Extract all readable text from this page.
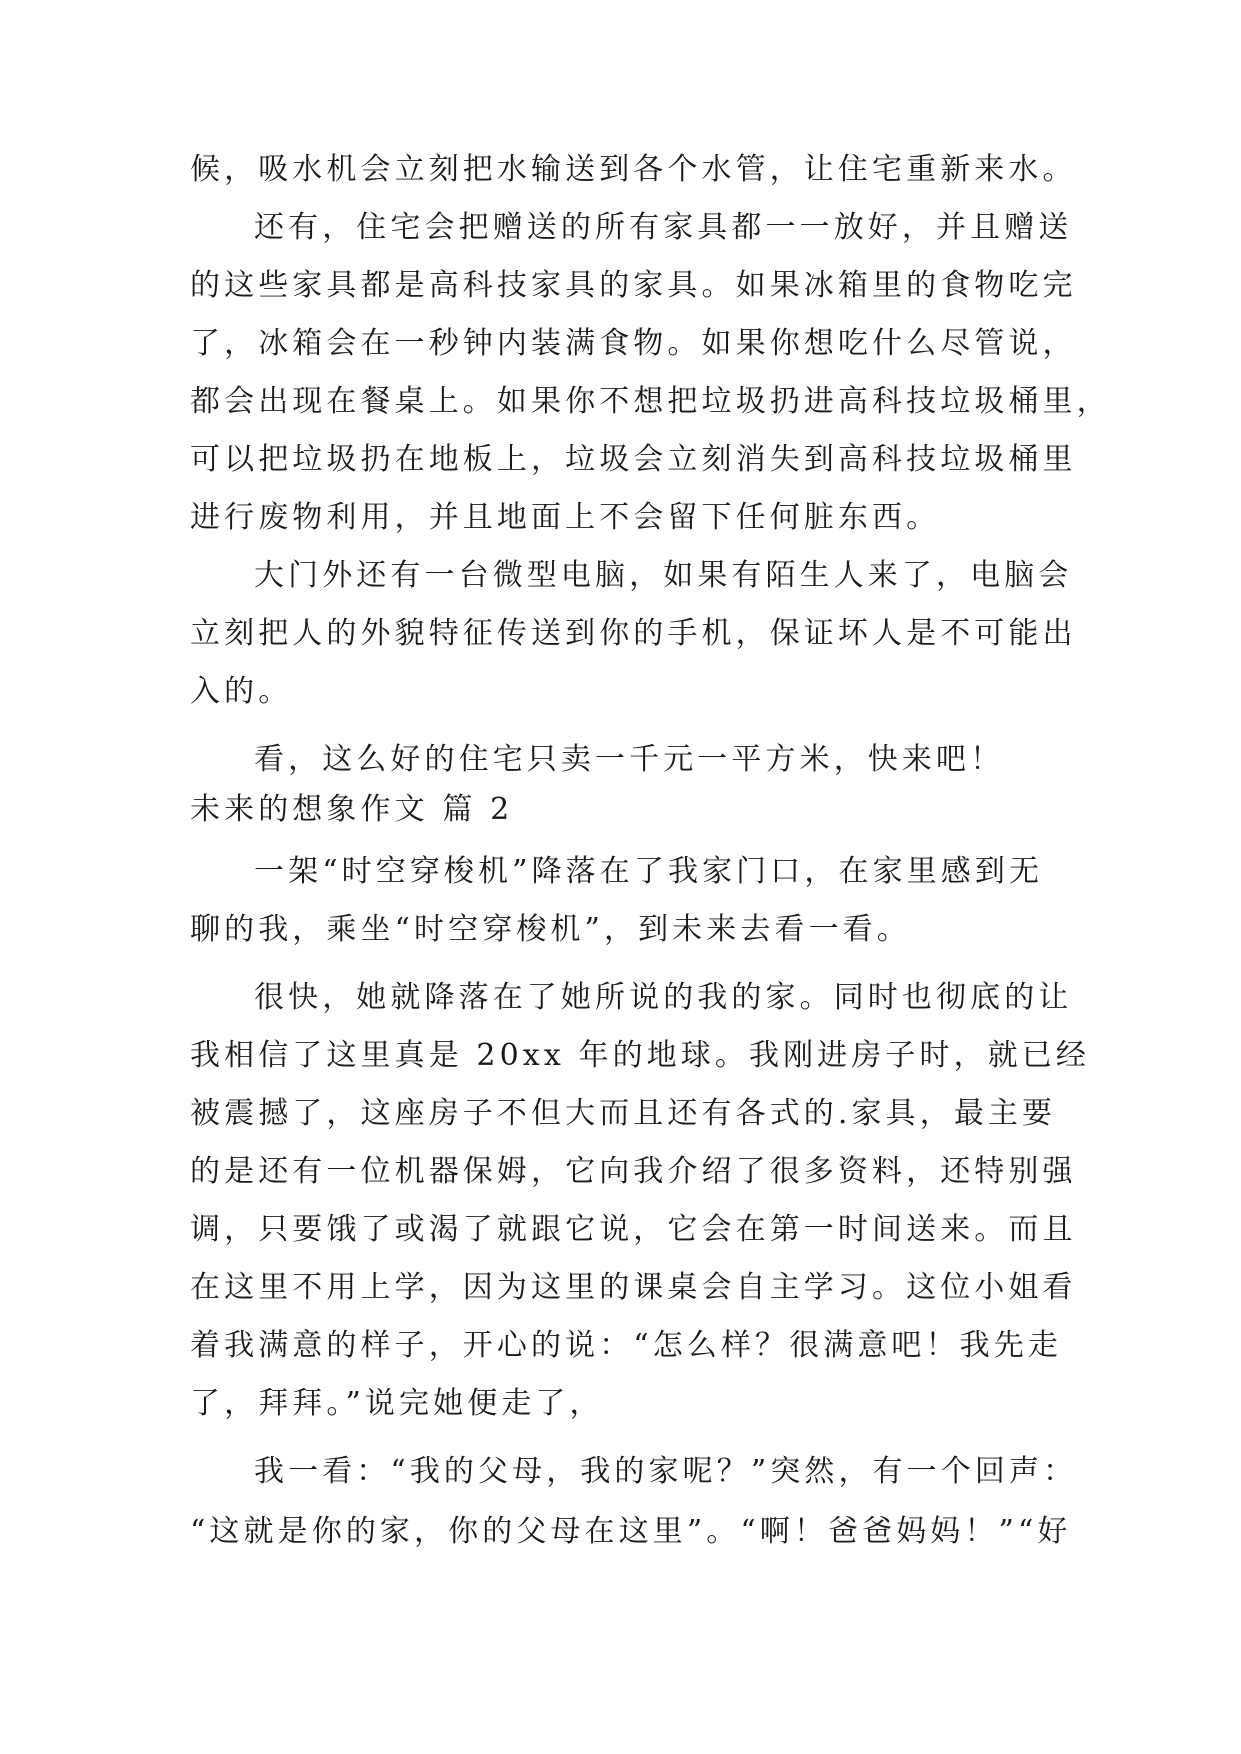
候，吸水机会立刻把水输送到各个水管，让住宅重新来水。

还有，住宅会把赠送的所有家具都一一放好，并且赠送

的这些家具都是高科技家具的家具。如果冰箱里的食物吃完

了，冰箱会在一秒钟内装满食物。如果你想吃什么尽管说，

都会出现在餐桌上。如果你不想把垃圾扔进高科技垃圾桶里，

可以把垃圾扔在地板上，垃圾会立刻消失到高科技垃圾桶里

进行废物利用，并且地面上不会留下任何脏东西。

大门外还有一台微型电脑，如果有陌生人来了，电脑会

立刻把人的外貌特征传送到你的手机，保证坏人是不可能出

入的。

看，这么好的住宅只卖一千元一平方米，快来吧！

未来的想象作文 篇 2

一架“时空穿梭机”降落在了我家门口，在家里感到无

聊的我，乘坐“时空穿梭机”，到未来去看一看。

很快，她就降落在了她所说的我的家。同时也彻底的让

我相信了这里真是 20xx 年的地球。我刚进房子时，就已经

被震撼了，这座房子不但大而且还有各式的.家具，最主要

的是还有一位机器保姆，它向我介绍了很多资料，还特别强

调，只要饿了或渴了就跟它说，它会在第一时间送来。而且

在这里不用上学，因为这里的课桌会自主学习。这位小姐看

着我满意的样子，开心的说：“怎么样？很满意吧！我先走

了，拜拜。”说完她便走了，

我一看：“我的父母，我的家呢？”突然，有一个回声：

“这就是你的家，你的父母在这里”。“啊！爸爸妈妈！”“好
